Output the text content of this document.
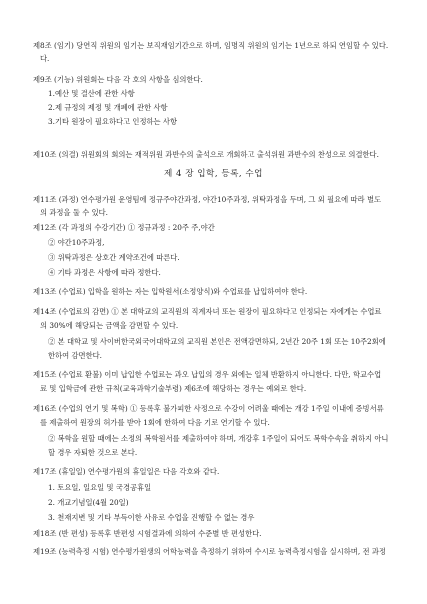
제8조 (임기) 당연직 위원의 임기는 보직재임기간으로 하며, 임명직 위원의 임기는 1년으로 하되 연임할 수 있다.
다.
제9조 (기능) 위원회는 다음 각 호의 사항을 심의한다.
1.예산 및 결산에 관한 사항
2.제 규정의 제정 및 개폐에 관한 사항
3.기타 원장이 필요하다고 인정하는 사항
제10조 (의결) 위원회의 회의는 재적위원 과반수의 출석으로 개회하고 출석위원 과반수의 찬성으로 의결한다.
제 4 장 입학, 등록, 수업
제11조 (과정) 연수평가원 운영팀에 정규주야간과정, 야간10주과정, 위탁과정을 두며, 그 외 필요에 따라 별도
의 과정을 둘 수 있다.
제12조 (각 과정의 수강기간) ① 정규과정 : 20주 주,야간
② 야간10주과정,
③ 위탁과정은 상호간 계약조건에 따른다.
④ 기타 과정은 사항에 따라 정한다.
제13조 (수업료) 입학을 원하는 자는 입학원서(소정양식)와 수업료를 납입하여야 한다.
제14조 (수업료의 감면) ① 본 대학교의 교직원의 직계자녀 또는 원장이 필요하다고 인정되는 자에게는 수업료
의 30%에 해당되는 금액을 감면할 수 있다.
② 본 대학교 및 사이버한국외국어대학교의 교직원 본인은 전액감면하되, 2년간 20주 1회 또는 10주2회에
한하여 감면한다.
제15조 (수업료 환불) 이미 납입한 수업료는 과오 납입의 경우 외에는 일체 반환하지 아니한다. 다만, 학교수업
료 및 입학금에 관한 규칙(교육과학기술부령) 제6조에 해당하는 경우는 예외로 한다.
제16조 (수업의 연기 및 복학) ① 등록후 불가피한 사정으로 수강이 어려울 때에는 개강 1주일 이내에 증빙서류
를 제출하여 원장의 허가를 받아 1회에 한하여 다음 기로 연기할 수 있다.
② 복학을 원할 때에는 소정의 복학원서를 제출하여야 하며, 개강후 1주일이 되어도 복학수속을 취하지 아니
할 경우 자퇴한 것으로 본다.
제17조 (휴일일) 연수평가원의 휴일일은 다음 각호와 같다.
1. 토요일, 일요일 및 국경공휴일
2. 개교기념일(4월 20일)
3. 천재지변 및 기타 부득이한 사유로 수업을 진행할 수 없는 경우
제18조 (반 편성) 등록후 반편성 시험결과에 의하여 수준별 반 편성한다.
제19조 (능력측정 시험) 연수평가원생의 어학능력을 측정하기 위하여 수시로 능력측정시험을 실시하며, 전 과정
